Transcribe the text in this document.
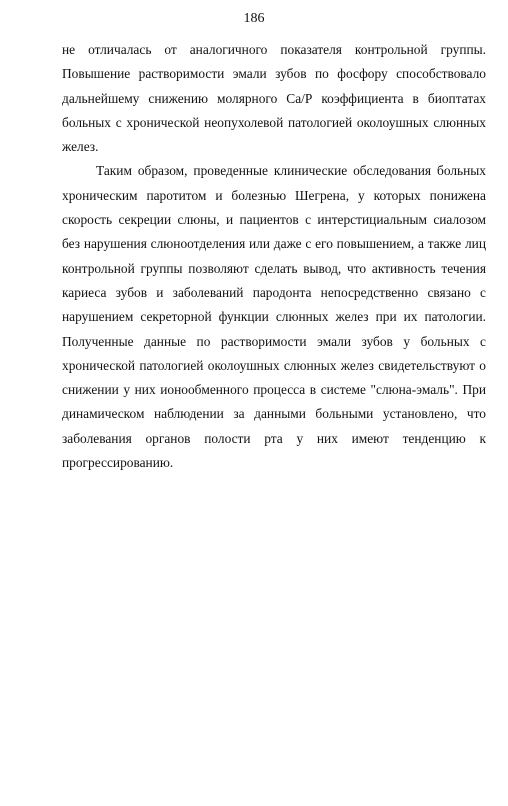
186
не отличалась от аналогичного показателя контрольной группы.
Повышение растворимости эмали зубов по фосфору способствовало
дальнейшему снижению молярного Са/Р коэффициента в биоптатах
больных с хронической неопухолевой патологией околоушных слюнных
желез.
Таким образом, проведенные клинические обследования больных
хроническим паротитом и болезнью Шегрена, у которых понижена
скорость секреции слюны, и пациентов с интерстициальным сиалозом
без нарушения слюноотделения или даже с его повышением, а также лиц
контрольной группы позволяют сделать вывод, что активность течения
кариеса зубов и заболеваний пародонта непосредственно связано с
нарушением секреторной функции слюнных желез при их патологии.
Полученные данные по растворимости эмали зубов у больных с
хронической патологией околоушных слюнных желез свидетельствуют о
снижении у них ионообменного процесса в системе "слюна-эмаль". При
динамическом наблюдении за данными больными установлено, что
заболевания органов полости рта у них имеют тенденцию к
прогрессированию.
